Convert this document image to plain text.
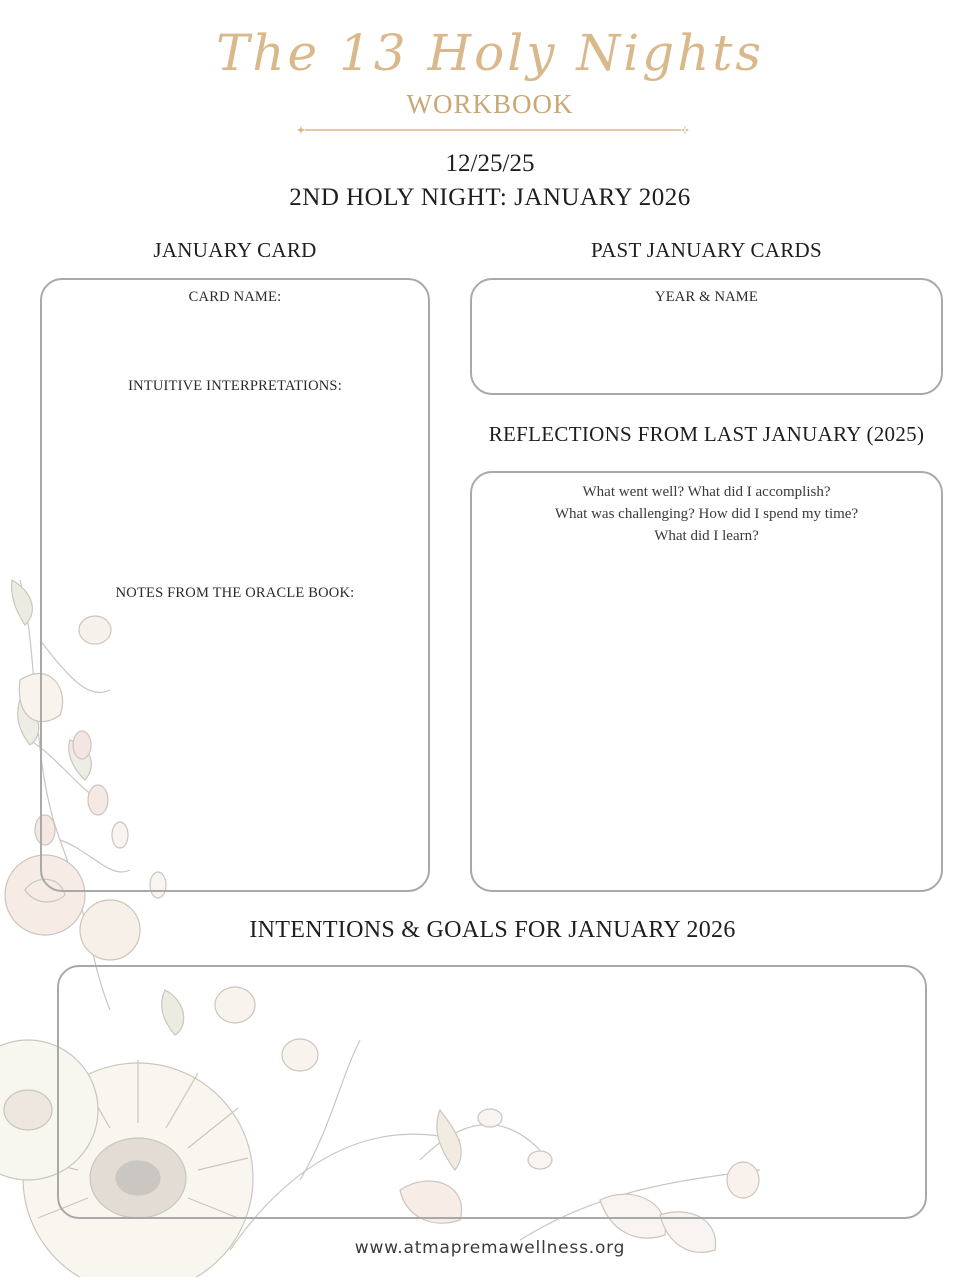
The 13 Holy Nights
WORKBOOK
12/25/25
2ND HOLY NIGHT: JANUARY 2026
JANUARY CARD
CARD NAME:
INTUITIVE INTERPRETATIONS:
NOTES FROM THE ORACLE BOOK:
PAST JANUARY CARDS
YEAR & NAME
REFLECTIONS FROM LAST JANUARY (2025)
What went well? What did I accomplish?
What was challenging? How did I spend my time?
What did I learn?
INTENTIONS & GOALS FOR JANUARY 2026
www.atmapremawellness.org
